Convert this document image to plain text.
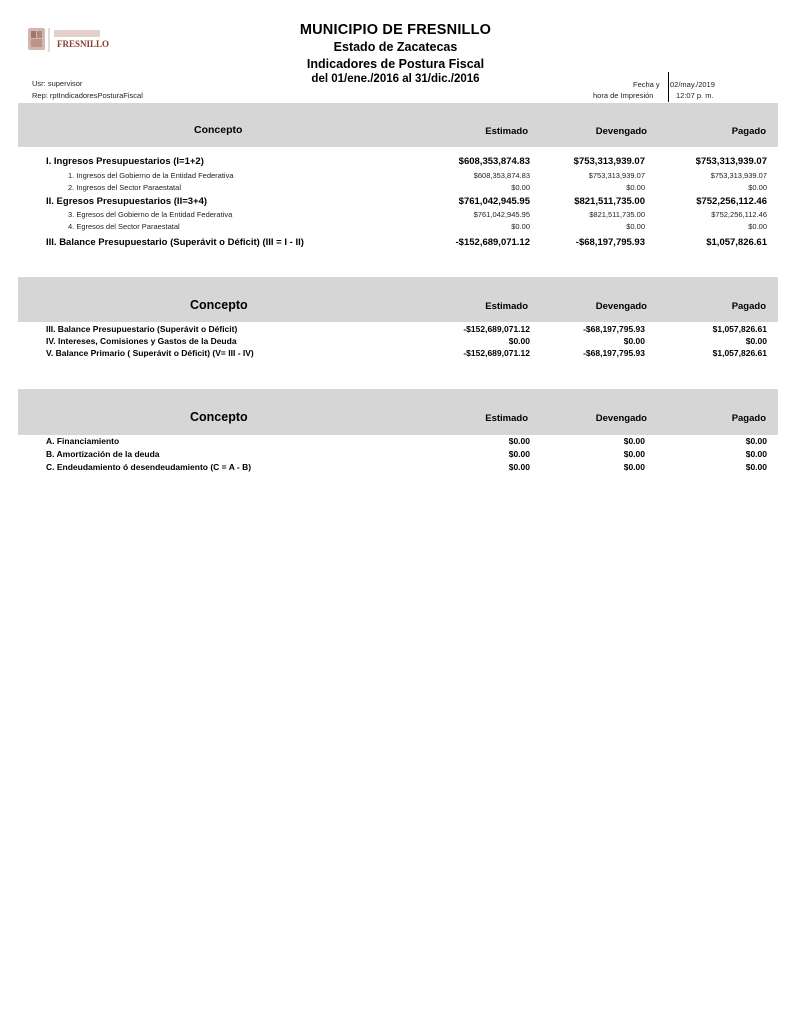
FRESNILLO
MUNICIPIO DE FRESNILLO
Estado de Zacatecas
Indicadores de Postura Fiscal
del 01/ene./2016 al 31/dic./2016
Usr: supervisor
Rep: rptIndicadoresPosturaFiscal
Fecha y 02/may./2019
hora de Impresión	12:07 p. m.
Concepto	Estimado	Devengado	Pagado
I. Ingresos Presupuestarios (I=1+2)	$608,353,874.83	$753,313,939.07	$753,313,939.07
1. Ingresos del Gobierno de la Entidad Federativa	$608,353,874.83	$753,313,939.07	$753,313,939.07
2. Ingresos del Sector Paraestatal	$0.00	$0.00	$0.00
II. Egresos Presupuestarios (II=3+4)	$761,042,945.95	$821,511,735.00	$752,256,112.46
3. Egresos del Gobierno de la Entidad Federativa	$761,042,945.95	$821,511,735.00	$752,256,112.46
4. Egresos del Sector Paraestatal	$0.00	$0.00	$0.00
III. Balance Presupuestario (Superávit o Déficit) (III = I - II)	-$152,689,071.12	-$68,197,795.93	$1,057,826.61
Concepto	Estimado	Devengado	Pagado
III. Balance Presupuestario (Superávit o Déficit)	-$152,689,071.12	-$68,197,795.93	$1,057,826.61
IV. Intereses, Comisiones y Gastos de la Deuda	$0.00	$0.00	$0.00
V. Balance Primario ( Superávit o Déficit) (V= III - IV)	-$152,689,071.12	-$68,197,795.93	$1,057,826.61
Concepto	Estimado	Devengado	Pagado
A. Financiamiento	$0.00	$0.00	$0.00
B. Amortización de la deuda	$0.00	$0.00	$0.00
C. Endeudamiento ó desendeudamiento (C = A - B)	$0.00	$0.00	$0.00
